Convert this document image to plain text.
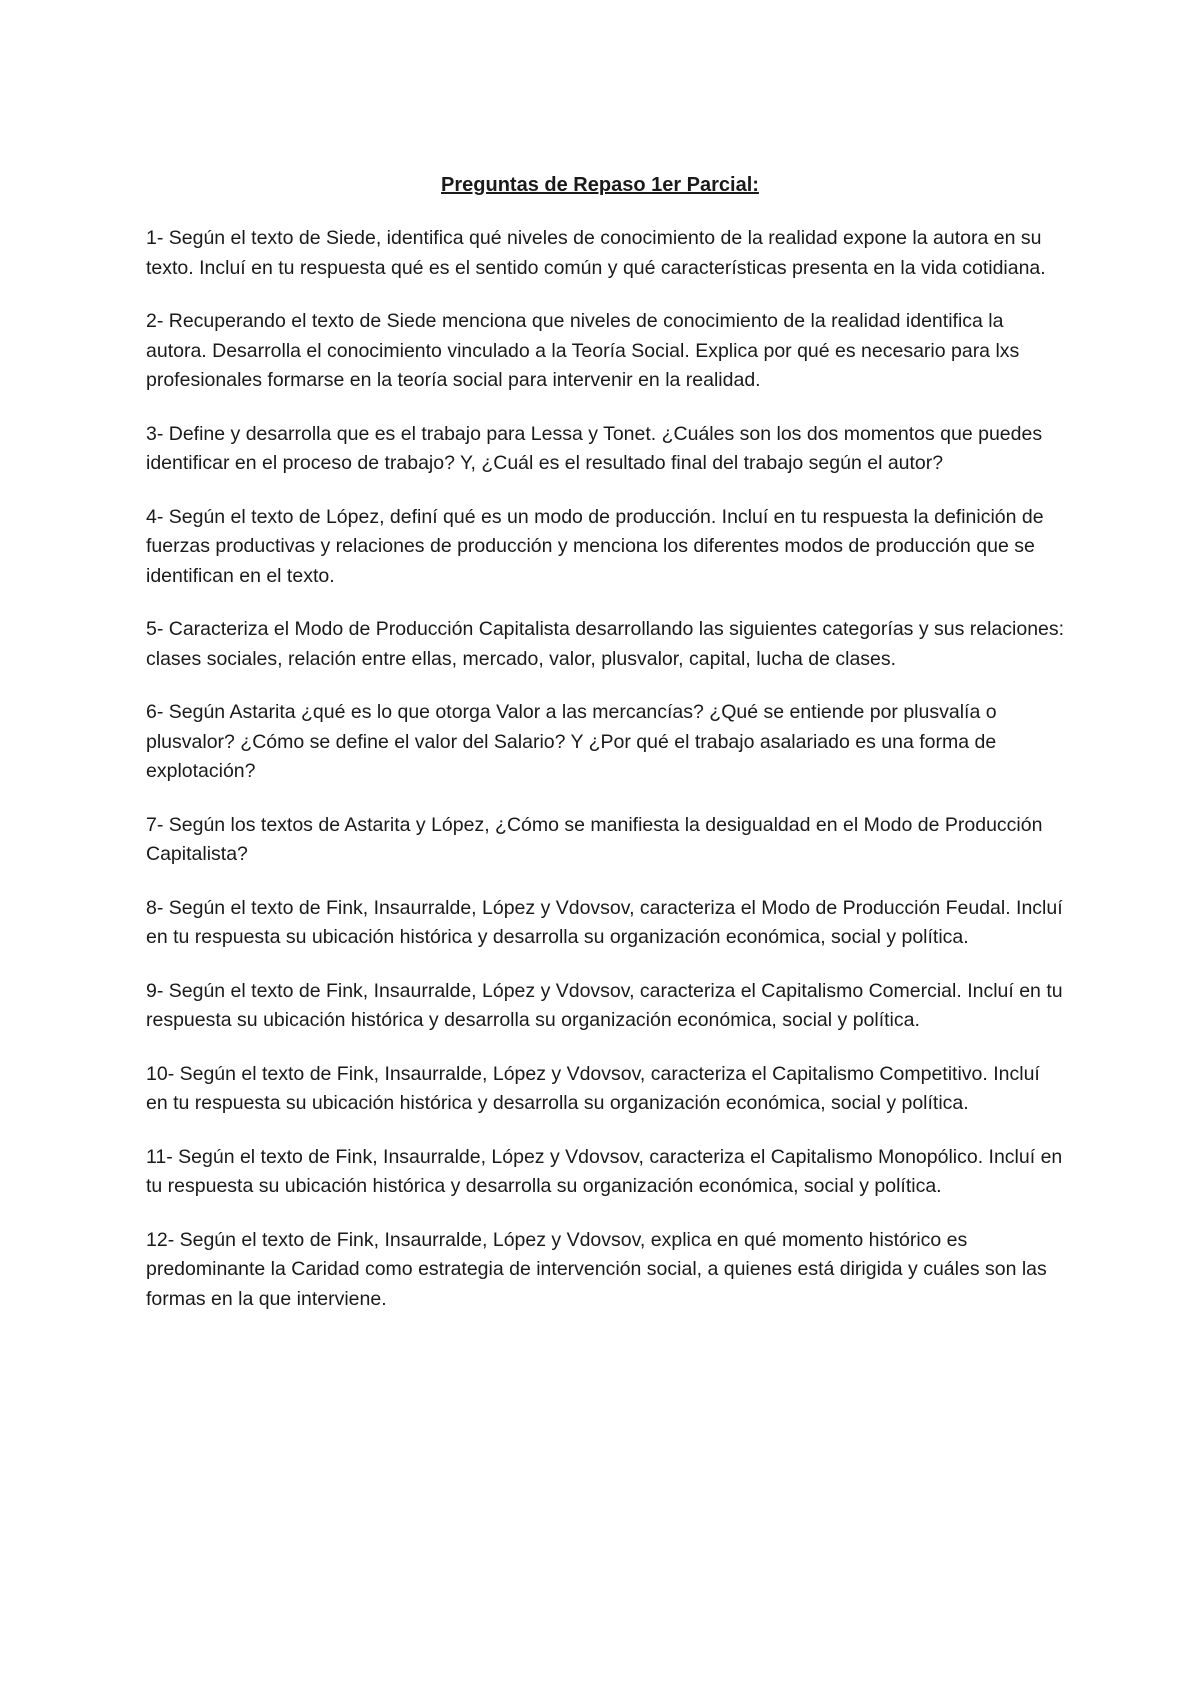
Preguntas de Repaso 1er Parcial:
1- Según el texto de Siede, identifica qué niveles de conocimiento de la realidad expone la autora en su texto. Incluí en tu respuesta qué es el sentido común y qué características presenta en la vida cotidiana.
2- Recuperando el texto de Siede menciona que niveles de conocimiento de la realidad identifica la autora. Desarrolla el conocimiento vinculado a la Teoría Social. Explica por qué es necesario para lxs profesionales formarse en la teoría social para intervenir en la realidad.
3- Define y desarrolla que es el trabajo para Lessa y Tonet. ¿Cuáles son los dos momentos que puedes identificar en el proceso de trabajo? Y, ¿Cuál es el resultado final del trabajo según el autor?
4- Según el texto de López, definí qué es un modo de producción. Incluí en tu respuesta la definición de fuerzas productivas y relaciones de producción y menciona los diferentes modos de producción que se identifican en el texto.
5- Caracteriza el Modo de Producción Capitalista desarrollando las siguientes categorías y sus relaciones: clases sociales, relación entre ellas, mercado, valor, plusvalor, capital, lucha de clases.
6- Según Astarita ¿qué es lo que otorga Valor a las mercancías? ¿Qué se entiende por plusvalía o plusvalor? ¿Cómo se define el valor del Salario? Y ¿Por qué el trabajo asalariado es una forma de explotación?
7- Según los textos de Astarita y López, ¿Cómo se manifiesta la desigualdad en el Modo de Producción Capitalista?
8- Según el texto de Fink, Insaurralde, López y Vdovsov, caracteriza el Modo de Producción Feudal. Incluí en tu respuesta su ubicación histórica y desarrolla su organización económica, social y política.
9- Según el texto de Fink, Insaurralde, López y Vdovsov, caracteriza el Capitalismo Comercial. Incluí en tu respuesta su ubicación histórica y desarrolla su organización económica, social y política.
10- Según el texto de Fink, Insaurralde, López y Vdovsov, caracteriza el Capitalismo Competitivo. Incluí en tu respuesta su ubicación histórica y desarrolla su organización económica, social y política.
11- Según el texto de Fink, Insaurralde, López y Vdovsov, caracteriza el Capitalismo Monopólico. Incluí en tu respuesta su ubicación histórica y desarrolla su organización económica, social y política.
12- Según el texto de Fink, Insaurralde, López y Vdovsov, explica en qué momento histórico es predominante la Caridad como estrategia de intervención social, a quienes está dirigida y cuáles son las formas en la que interviene.
